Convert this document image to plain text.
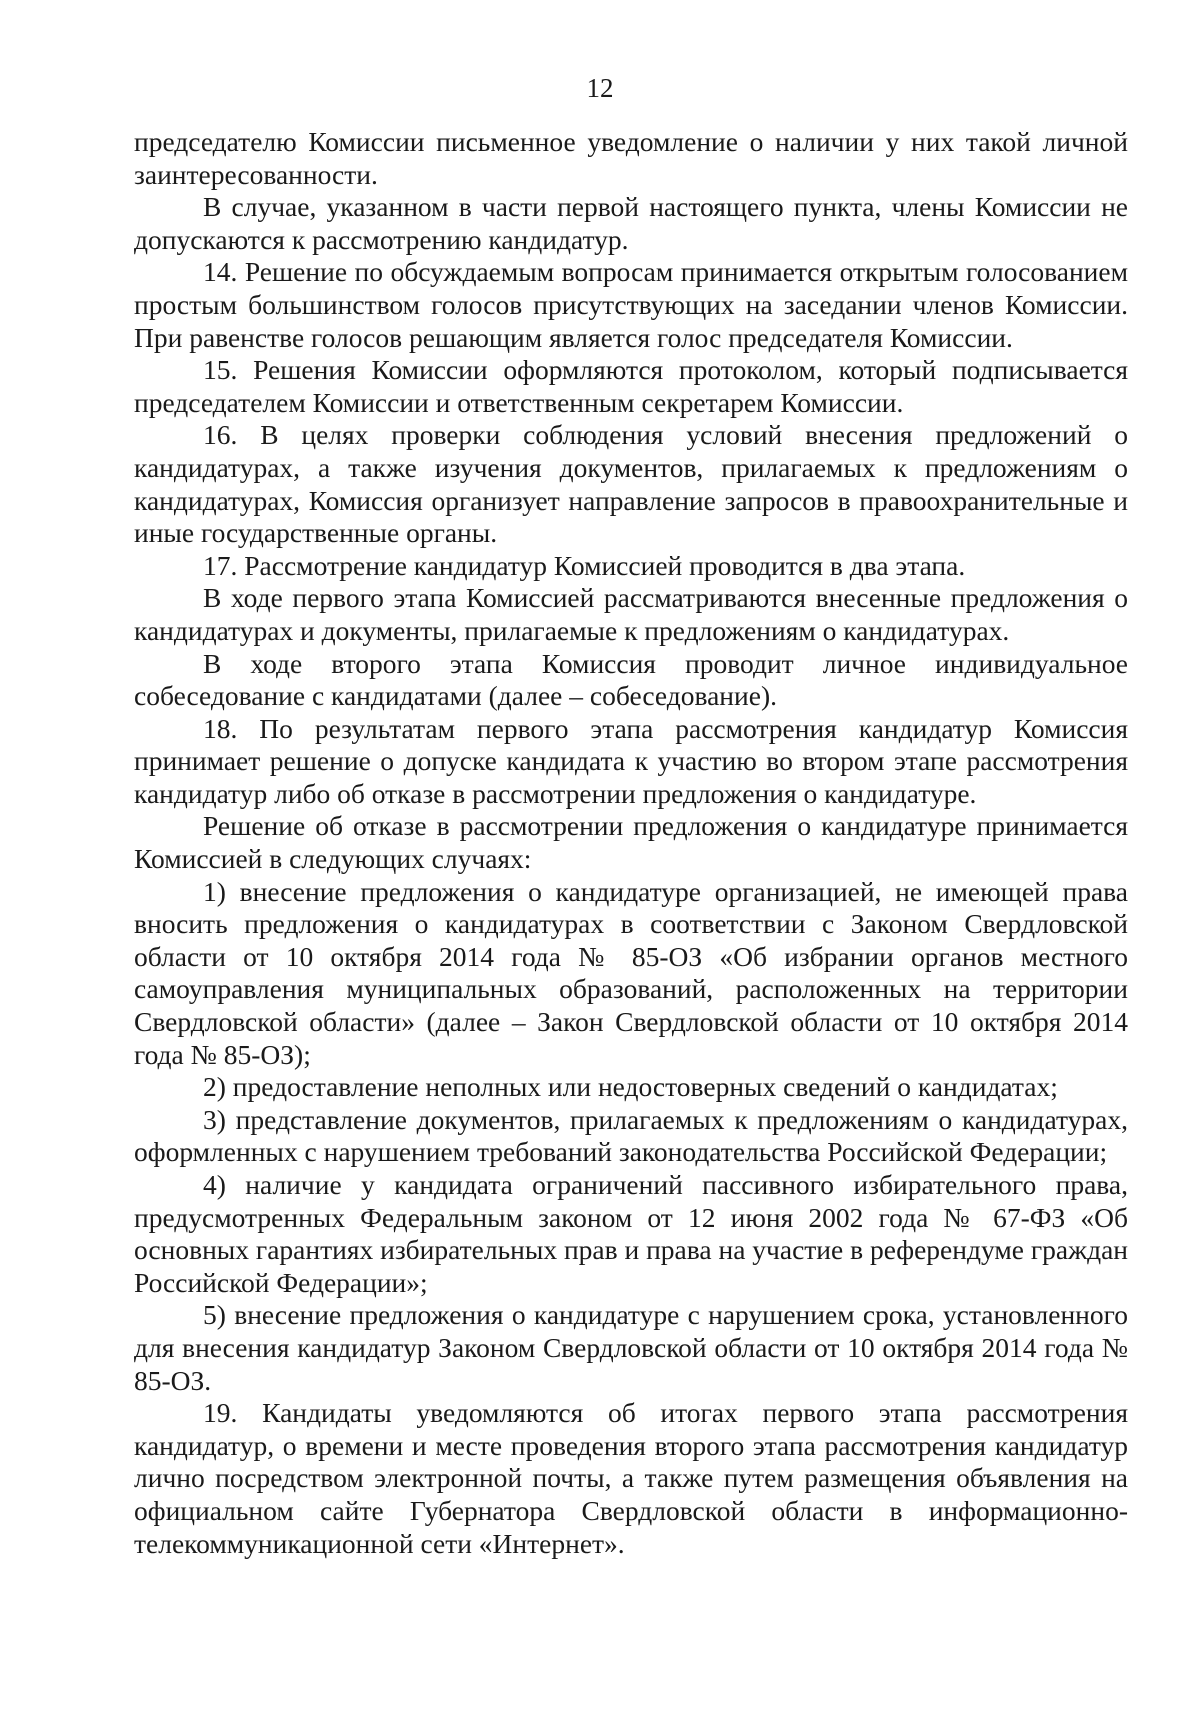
12

председателю Комиссии письменное уведомление о наличии у них такой личной заинтересованности.

В случае, указанном в части первой настоящего пункта, члены Комиссии не допускаются к рассмотрению кандидатур.

14. Решение по обсуждаемым вопросам принимается открытым голосованием простым большинством голосов присутствующих на заседании членов Комиссии. При равенстве голосов решающим является голос председателя Комиссии.

15. Решения Комиссии оформляются протоколом, который подписывается председателем Комиссии и ответственным секретарем Комиссии.

16. В целях проверки соблюдения условий внесения предложений о кандидатурах, а также изучения документов, прилагаемых к предложениям о кандидатурах, Комиссия организует направление запросов в правоохранительные и иные государственные органы.

17. Рассмотрение кандидатур Комиссией проводится в два этапа.

В ходе первого этапа Комиссией рассматриваются внесенные предложения о кандидатурах и документы, прилагаемые к предложениям о кандидатурах.

В ходе второго этапа Комиссия проводит личное индивидуальное собеседование с кандидатами (далее – собеседование).

18. По результатам первого этапа рассмотрения кандидатур Комиссия принимает решение о допуске кандидата к участию во втором этапе рассмотрения кандидатур либо об отказе в рассмотрении предложения о кандидатуре.

Решение об отказе в рассмотрении предложения о кандидатуре принимается Комиссией в следующих случаях:

1) внесение предложения о кандидатуре организацией, не имеющей права вносить предложения о кандидатурах в соответствии с Законом Свердловской области от 10 октября 2014 года № 85-ОЗ «Об избрании органов местного самоуправления муниципальных образований, расположенных на территории Свердловской области» (далее – Закон Свердловской области от 10 октября 2014 года № 85-ОЗ);

2) предоставление неполных или недостоверных сведений о кандидатах;

3) представление документов, прилагаемых к предложениям о кандидатурах, оформленных с нарушением требований законодательства Российской Федерации;

4) наличие у кандидата ограничений пассивного избирательного права, предусмотренных Федеральным законом от 12 июня 2002 года № 67-ФЗ «Об основных гарантиях избирательных прав и права на участие в референдуме граждан Российской Федерации»;

5) внесение предложения о кандидатуре с нарушением срока, установленного для внесения кандидатур Законом Свердловской области от 10 октября 2014 года № 85-ОЗ.

19. Кандидаты уведомляются об итогах первого этапа рассмотрения кандидатур, о времени и месте проведения второго этапа рассмотрения кандидатур лично посредством электронной почты, а также путем размещения объявления на официальном сайте Губернатора Свердловской области в информационно-телекоммуникационной сети «Интернет».
